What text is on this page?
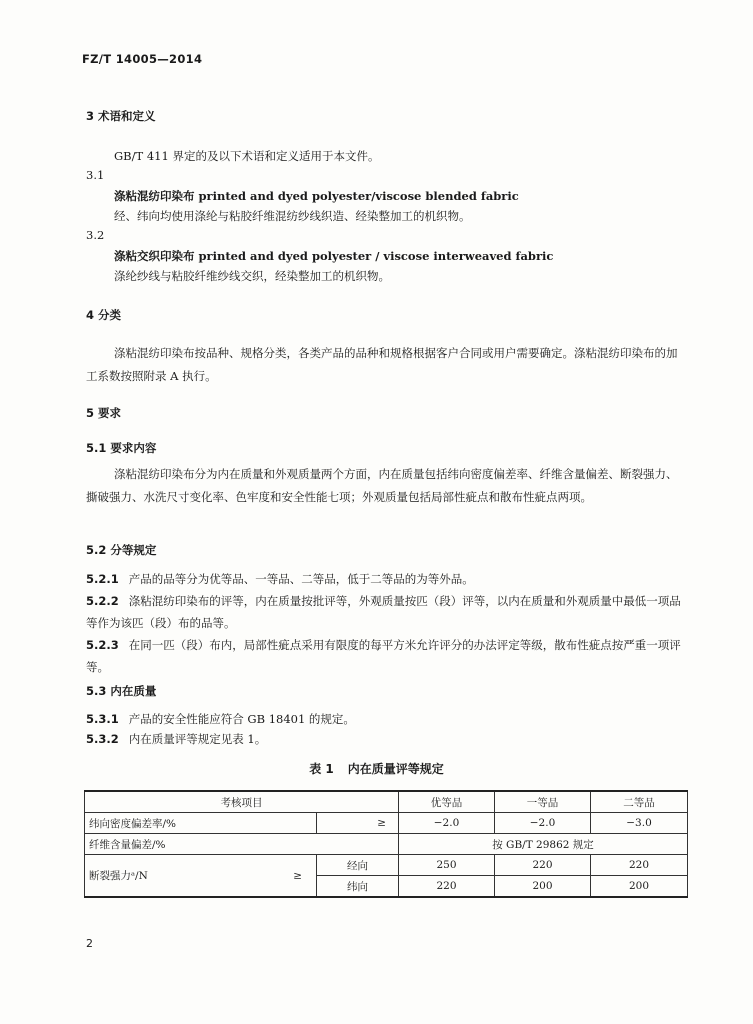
FZ/T 14005—2014
3 术语和定义
GB/T 411 界定的及以下术语和定义适用于本文件。
3.1
涤粘混纺印染布 printed and dyed polyester/viscose blended fabric
经、纬向均使用涤纶与粘胶纤维混纺纱线织造、经染整加工的机织物。
3.2
涤粘交织印染布 printed and dyed polyester / viscose interweaved fabric
涤纶纱线与粘胶纤维纱线交织，经染整加工的机织物。
4 分类
涤粘混纺印染布按品种、规格分类，各类产品的品种和规格根据客户合同或用户需要确定。涤粘混纺印染布的加工系数按照附录 A 执行。
5 要求
5.1 要求内容
涤粘混纺印染布分为内在质量和外观质量两个方面，内在质量包括纬向密度偏差率、纤维含量偏差、断裂强力、撕破强力、水洗尺寸变化率、色牢度和安全性能七项；外观质量包括局部性疵点和散布性疵点两项。
5.2 分等规定
5.2.1 产品的品等分为优等品、一等品、二等品，低于二等品的为等外品。
5.2.2 涤粘混纺印染布的评等，内在质量按批评等，外观质量按匹（段）评等，以内在质量和外观质量中最低一项品等作为该匹（段）布的品等。
5.2.3 在同一匹（段）布内，局部性疵点采用有限度的每平方米允许评分的办法评定等级，散布性疵点按严重一项评等。
5.3 内在质量
5.3.1 产品的安全性能应符合 GB 18401 的规定。
5.3.2 内在质量评等规定见表 1。
表 1 内在质量评等规定
考核项目		优等品	一等品	二等品
纬向密度偏差率/%	≥	−2.0	−2.0	−3.0
纤维含量偏差/%		按 GB/T 29862 规定		
断裂强力ᵃ/N ≥	经向	250	220	220
	纬向	220	200	200
2
